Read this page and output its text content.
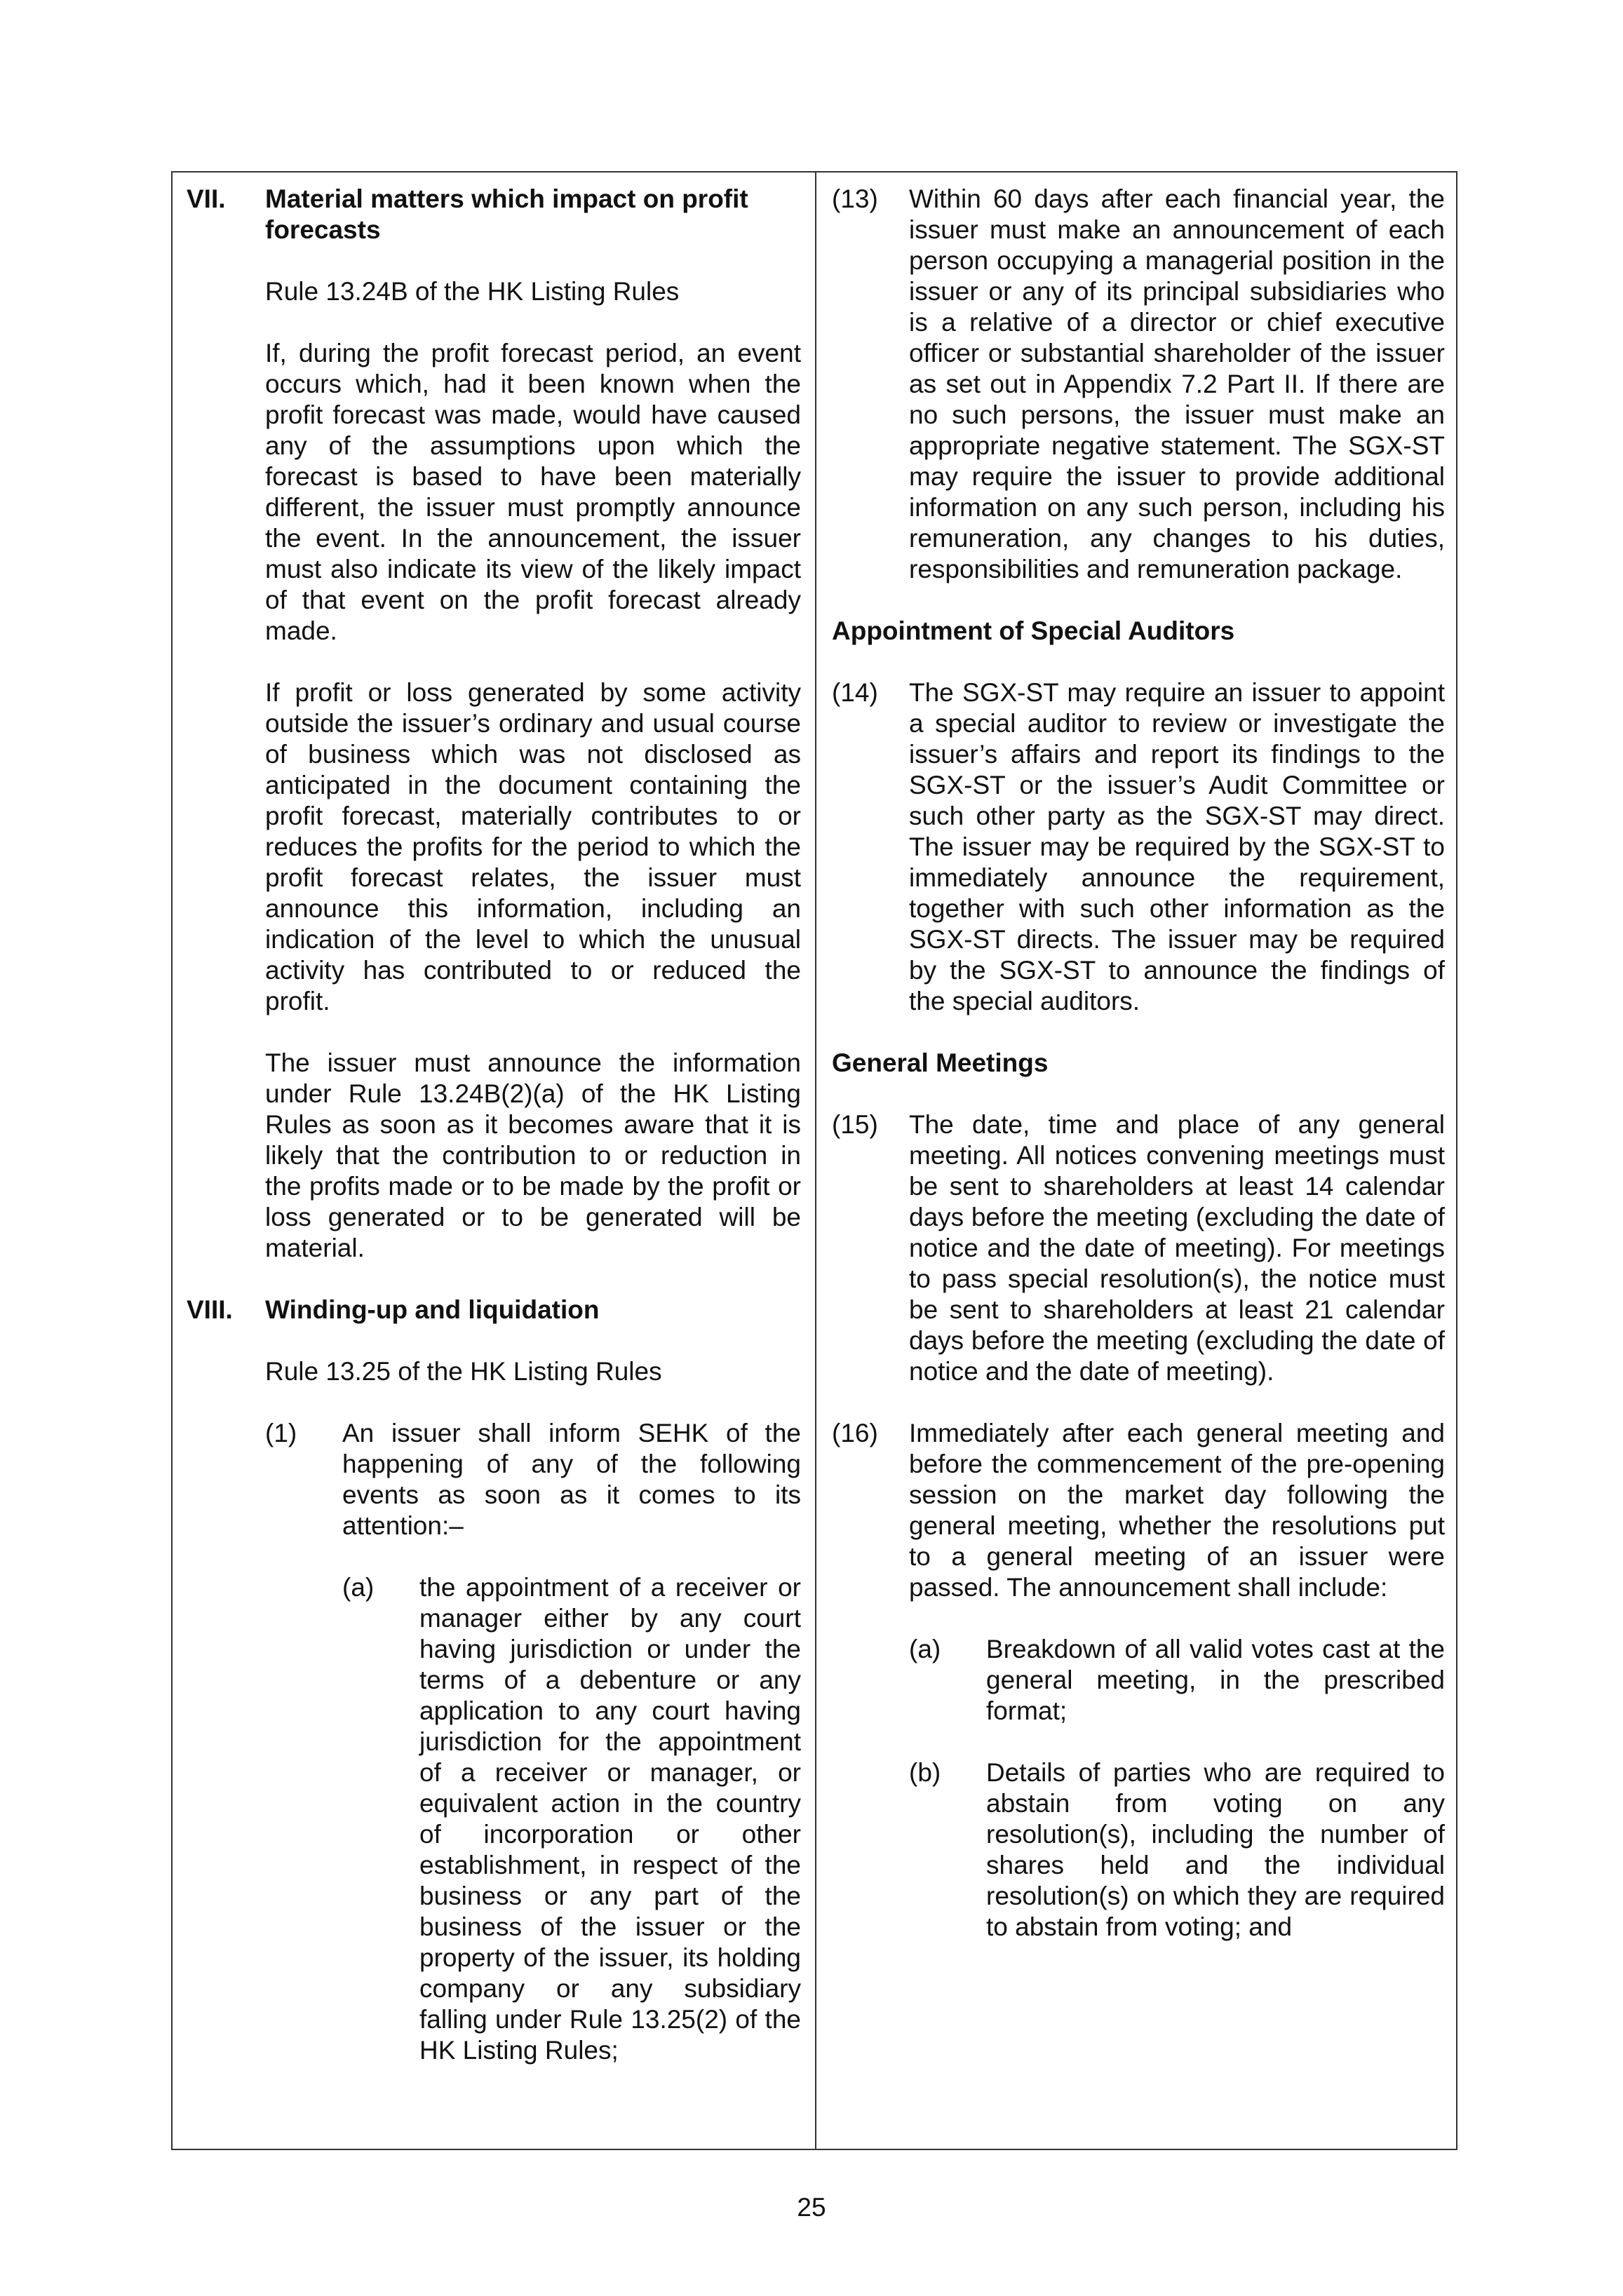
VII.	Material matters which impact on profit forecasts

Rule 13.24B of the HK Listing Rules

If, during the profit forecast period, an event occurs which, had it been known when the profit forecast was made, would have caused any of the assumptions upon which the forecast is based to have been materially different, the issuer must promptly announce the event. In the announcement, the issuer must also indicate its view of the likely impact of that event on the profit forecast already made.

If profit or loss generated by some activity outside the issuer’s ordinary and usual course of business which was not disclosed as anticipated in the document containing the profit forecast, materially contributes to or reduces the profits for the period to which the profit forecast relates, the issuer must announce this information, including an indication of the level to which the unusual activity has contributed to or reduced the profit.

The issuer must announce the information under Rule 13.24B(2)(a) of the HK Listing Rules as soon as it becomes aware that it is likely that the contribution to or reduction in the profits made or to be made by the profit or loss generated or to be generated will be material.

VIII.	Winding-up and liquidation

Rule 13.25 of the HK Listing Rules

(1)	An issuer shall inform SEHK of the happening of any of the following events as soon as it comes to its attention:–
(a)	the appointment of a receiver or manager either by any court having jurisdiction or under the terms of a debenture or any application to any court having jurisdiction for the appointment of a receiver or manager, or equivalent action in the country of incorporation or other establishment, in respect of the business or any part of the business of the issuer or the property of the issuer, its holding company or any subsidiary falling under Rule 13.25(2) of the HK Listing Rules;
(13)	Within 60 days after each financial year, the issuer must make an announcement of each person occupying a managerial position in the issuer or any of its principal subsidiaries who is a relative of a director or chief executive officer or substantial shareholder of the issuer as set out in Appendix 7.2 Part II. If there are no such persons, the issuer must make an appropriate negative statement. The SGX-ST may require the issuer to provide additional information on any such person, including his remuneration, any changes to his duties, responsibilities and remuneration package.

Appointment of Special Auditors

(14)	The SGX-ST may require an issuer to appoint a special auditor to review or investigate the issuer’s affairs and report its findings to the SGX-ST or the issuer’s Audit Committee or such other party as the SGX-ST may direct. The issuer may be required by the SGX-ST to immediately announce the requirement, together with such other information as the SGX-ST directs. The issuer may be required by the SGX-ST to announce the findings of the special auditors.

General Meetings

(15)	The date, time and place of any general meeting. All notices convening meetings must be sent to shareholders at least 14 calendar days before the meeting (excluding the date of notice and the date of meeting). For meetings to pass special resolution(s), the notice must be sent to shareholders at least 21 calendar days before the meeting (excluding the date of notice and the date of meeting).
(16)	Immediately after each general meeting and before the commencement of the pre-opening session on the market day following the general meeting, whether the resolutions put to a general meeting of an issuer were passed. The announcement shall include:
(a)	Breakdown of all valid votes cast at the general meeting, in the prescribed format;
(b)	Details of parties who are required to abstain from voting on any resolution(s), including the number of shares held and the individual resolution(s) on which they are required to abstain from voting; and
25
